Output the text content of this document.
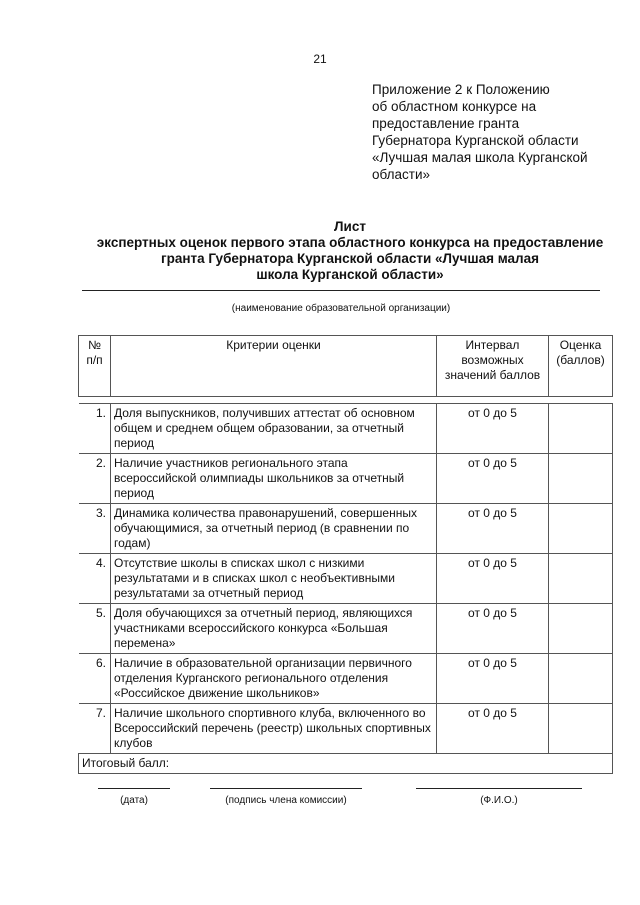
21
Приложение 2 к Положению
об областном конкурсе на
предоставление гранта
Губернатора Курганской области
«Лучшая малая школа Курганской
области»
Лист
экспертных оценок первого этапа областного конкурса на предоставление
гранта Губернатора Курганской области «Лучшая малая
школа Курганской области»
(наименование образовательной организации)
№ п/п	Критерии оценки	Интервал возможных значений баллов	Оценка (баллов)

1.	Доля выпускников, получивших аттестат об основном общем и среднем общем образовании, за отчетный период	от 0 до 5	
2.	Наличие участников регионального этапа всероссийской олимпиады школьников за отчетный период	от 0 до 5	
3.	Динамика количества правонарушений, совершенных обучающимися, за отчетный период (в сравнении по годам)	от 0 до 5	
4.	Отсутствие школы в списках школ с низкими результатами и в списках школ с необъективными результатами за отчетный период	от 0 до 5	
5.	Доля обучающихся за отчетный период, являющихся участниками всероссийского конкурса «Большая перемена»	от 0 до 5	
6.	Наличие в образовательной организации первичного отделения Курганского регионального отделения «Российское движение школьников»	от 0 до 5	
7.	Наличие школьного спортивного клуба, включенного во Всероссийский перечень (реестр) школьных спортивных клубов	от 0 до 5	
Итоговый балл:			
(дата)	(подпись члена комиссии)	(Ф.И.О.)
